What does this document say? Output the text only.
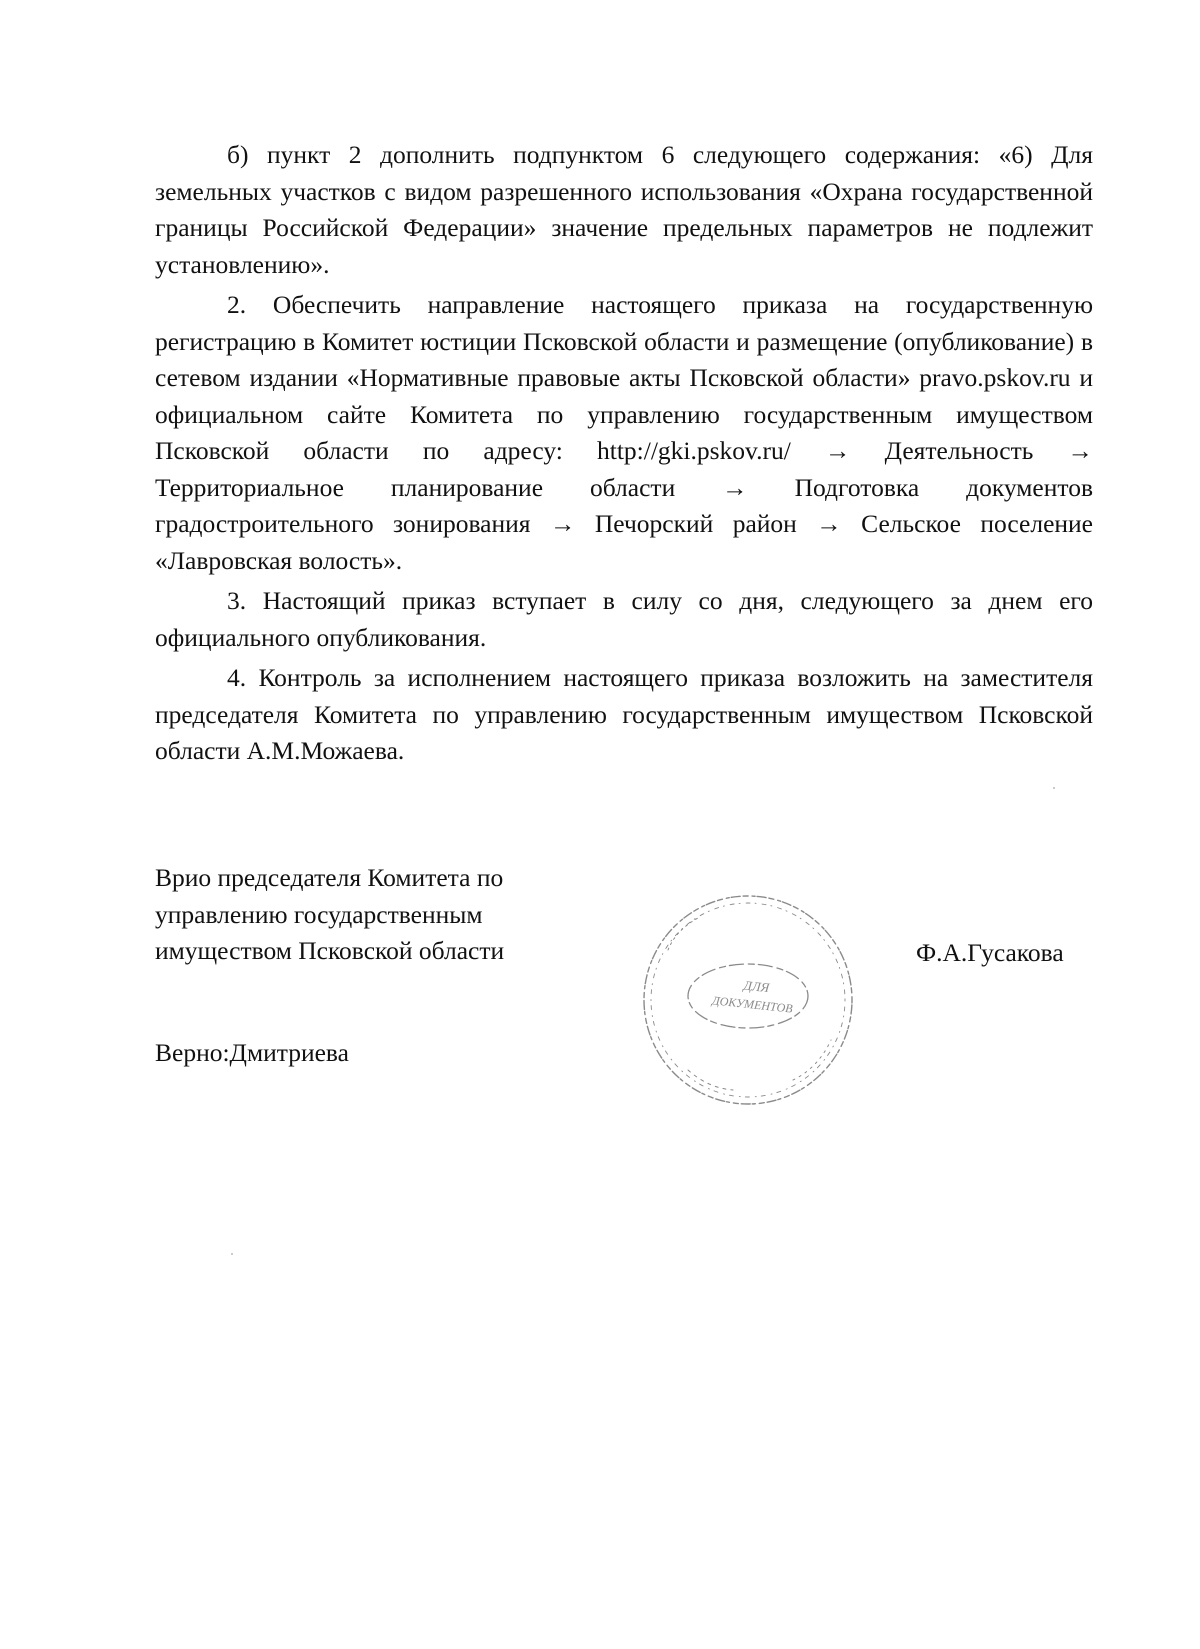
б) пункт 2 дополнить подпунктом 6 следующего содержания: «6) Для земельных участков с видом разрешенного использования «Охрана государственной границы Российской Федерации» значение предельных параметров не подлежит установлению».

2. Обеспечить направление настоящего приказа на государственную регистрацию в Комитет юстиции Псковской области и размещение (опубликование) в сетевом издании «Нормативные правовые акты Псковской области» pravo.pskov.ru и официальном сайте Комитета по управлению государственным имуществом Псковской области по адресу: http://gki.pskov.ru/ → Деятельность → Территориальное планирование области → Подготовка документов градостроительного зонирования → Печорский район → Сельское поселение «Лавровская волость».

3. Настоящий приказ вступает в силу со дня, следующего за днем его официального опубликования.

4. Контроль за исполнением настоящего приказа возложить на заместителя председателя Комитета по управлению государственным имуществом Псковской области А.М.Можаева.

Врио председателя Комитета по
управлению государственным
имуществом Псковской области
ДЛЯ
ДОКУМЕНТОВ
Ф.А.Гусакова
Верно:Дмитриева
